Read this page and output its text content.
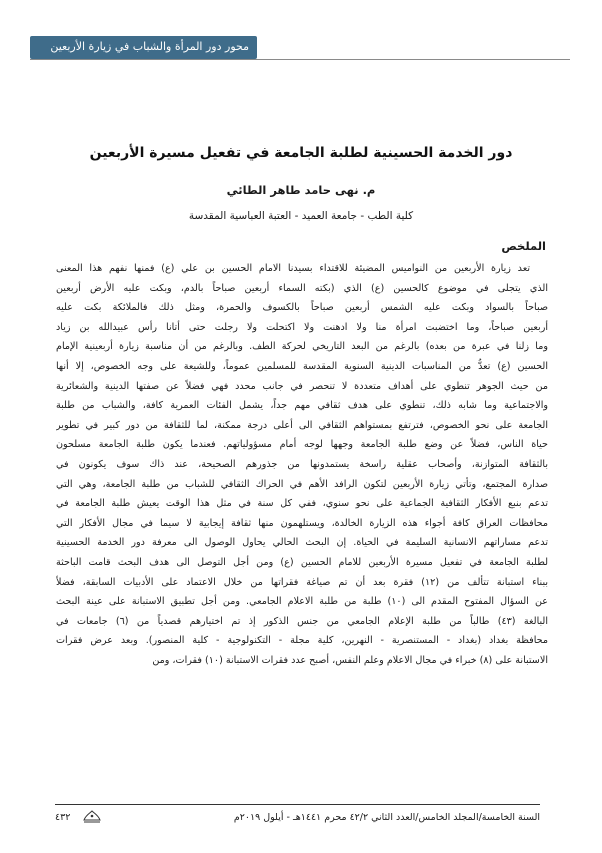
محور دور المرأة والشباب في زيارة الأربعين
دور الخدمة الحسينية لطلبة الجامعة في تفعيل مسيرة الأربعين
م. نهى حامد طاهر الطائي
كلية الطب - جامعة العميد - العتبة العباسية المقدسة
الملخص
تعد زيارة الأربعين من النواميس المضيئة للاقتداء بسيدنا الامام الحسين بن علي (ع) فمنها نفهم هذا المعنى
الذي يتجلى في موضوع كالحسين (ع) الذي (بكته السماء أربعين صباحاً بالدم، وبكت عليه الأرض أربعين
صباحاً بالسواد وبكت عليه الشمس أربعين صباحاً بالكسوف والحمرة، ومثل ذلك فالملائكة بكت عليه
أربعين صباحاً، وما اختضبت امرأة منا ولا ادهنت ولا اكتحلت ولا رجلت حتى أتانا رأس عبيدالله بن زياد
وما زلنا في عبرة من بعده) بالرغم من البعد التاريخي لحركة الطف. وبالرغم من أن مناسبة زيارة أربعينية الإمام
الحسين (ع) تعدُّ من المناسبات الدينية السنوية المقدسة للمسلمين عموماً، وللشيعة على وجه الخصوص، إلا أنها
من حيث الجوهر تنطوي على أهداف متعددة لا تنحصر في جانب محدد فهي فضلاً عن صفتها الدينية والشعائرية
والاجتماعية وما شابه ذلك، تنطوي على هدف ثقافي مهم جداً، يشمل الفئات العمرية كافة، والشباب من طلبة
الجامعة على نحو الخصوص، فترتفع بمستواهم الثقافي الى أعلى درجة ممكنة، لما للثقافة من دور كبير في تطوير
حياة الناس، فضلاً عن وضع طلبة الجامعة وجهها لوجه أمام مسؤولياتهم. فعندما يكون طلبة الجامعة مسلحون
بالثقافة المتوازنة، وأصحاب عقلية راسخة يستمدونها من جذورهم الصحيحة، عند ذاك سوف يكونون في
صدارة المجتمع، وتأتي زيارة الأربعين لتكون الرافد الأهم في الحراك الثقافي للشباب من طلبة الجامعة، وهي التي
تدعم بنبع الأفكار الثقافية الجماعية على نحو سنوي، ففي كل سنة في مثل هذا الوقت يعيش طلبة الجامعة في
محافظات العراق كافة أجواء هذه الزيارة الخالدة، ويستلهمون منها ثقافة إيجابية لا سيما في مجال الأفكار التي
تدعم مساراتهم الانسانية السليمة في الحياة. إن البحث الحالي يحاول الوصول الى معرفة دور الخدمة الحسينية
لطلبة الجامعة في تفعيل مسيرة الأربعين للامام الحسين (ع) ومن أجل التوصل الى هدف البحث قامت الباحثة
ببناء استبانة تتألف من (١٢) فقرة بعد أن تم صياغة فقراتها من خلال الاعتماد على الأدبيات السابقة، فضلاً
عن السؤال المفتوح المقدم الى (١٠) طلبة من طلبة الاعلام الجامعي. ومن أجل تطبيق الاستبانة على عينة البحث
البالغة (٤٣) طالباً من طلبة الإعلام الجامعي من جنس الذكور إذ تم اختيارهم قصدياً من (٦) جامعات في
محافظة بغداد (بغداد - المستنصرية - النهرين، كلية مجلة - التكنولوجية - كلية المنصور). وبعد عرض فقرات
الاستبانة على (٨) خبراء في مجال الاعلام وعلم النفس، أصبح عدد فقرات الاستبانة (١٠) فقرات، ومن
السنة الخامسة/المجلد الخامس/العدد الثاني ٤٢/٢ محرم ١٤٤١هـ - أيلول ٢٠١٩م
٤٣٢
